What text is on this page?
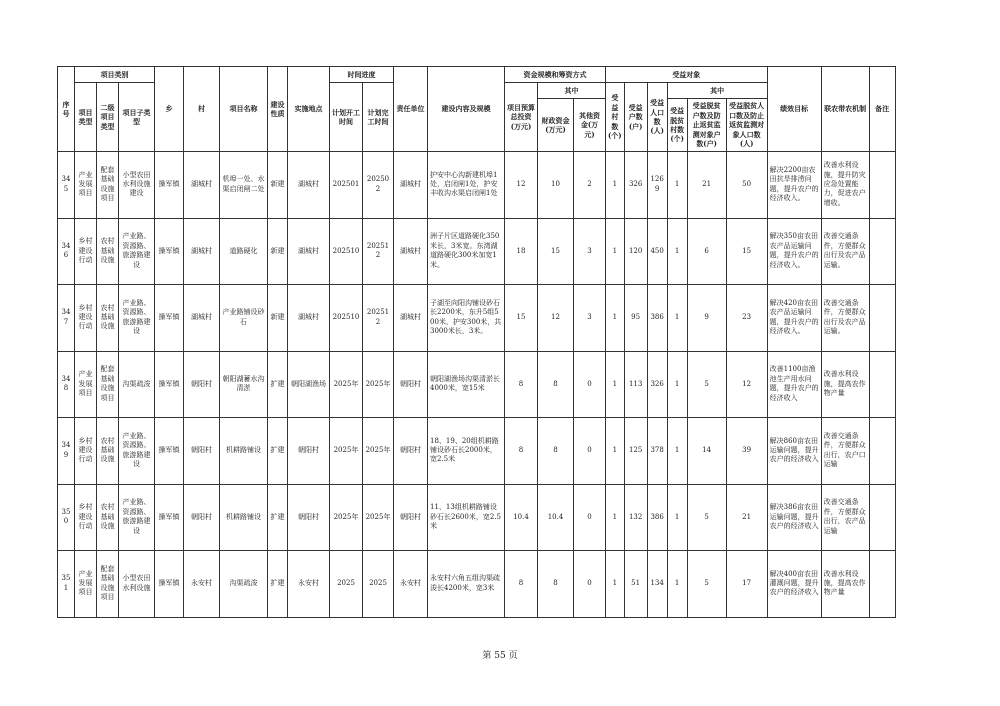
序号	项目类别			乡	村	项目名称	建设性质	实施地点	时间进度		责任单位	建设内容及规模	资金规模和筹资方式			受益对象						绩效目标	联农带农机制	备注
	项目类型	二级项目类型	项目子类型						计划开工时间	计划完工时间			项目预算总投资(万元)	其中		受益村数(个)	受益户数(户)	受益人口数(人)	其中					
														财政资金(万元)	其他资金(万元)				受益脱贫村数(个)	受益脱贫户数及防止返贫监测对象户数(户)	受益脱贫人口数及防止返贫监测对象人口数(人)			
345	产业发展项目	配套基础设施项目	小型农田水利设施建设	操军镇	湖城村	机埠一处、水渠启闭闸二处	新建	湖城村	202501	202502	湖城村	护安中心沟新建机埠1处，启闭闸1处，护安丰收沟水渠启闭闸1处	12	10	2	1	326	1269	1	21	50	解决2200亩农田抗旱排涝问题，提升农户的经济收入。	改善水利设施，提升防灾应急处置能力，促进农户增收。	
346	乡村建设行动	农村基础设施	产业路、资源路、旅游路建设	操军镇	湖城村	道路硬化	新建	湖城村	202510	202512	湖城村	洲子片区道路硬化350米长，3米宽。东湾湖道路硬化300米加宽1米。	18	15	3	1	120	450	1	6	15	解决350亩农田农产品运输问题，提升农户的经济收入。	改善交通条件，方便群众出行及农产品运输。	
347	乡村建设行动	农村基础设施	产业路、资源路、旅游路建设	操军镇	湖城村	产业路铺设砂石	新建	湖城村	202510	202512	湖城村	子湖至向阳沟铺设砂石长2200米，东升5组500米，护安300米，共3000米长，3米。	15	12	3	1	95	386	1	9	23	解决420亩农田农产品运输问题，提升农户的经济收入。	改善交通条件，方便群众出行及农产品运输。	
348	产业发展项目	配套基础设施项目	沟渠疏浚	操军镇	朝阳村	朝阳湖蓄水沟清淤	扩建	朝阳湖渔场	2025年	2025年	朝阳村	朝阳湖渔场沟渠清淤长4000米，宽15米	8	8	0	1	113	326	1	5	12	改善1100亩渔池生产用水问题，提升农户的经济收入	改善水利设施，提高农作物产量	
349	乡村建设行动	农村基础设施	产业路、资源路、旅游路建设	操军镇	朝阳村	机耕路铺设	扩建	朝阳村	2025年	2025年	朝阳村	18、19、20组机耕路铺设砂石长2000米，宽2.5米	8	8	0	1	125	378	1	14	39	解决860亩农田运输问题，提升农户的经济收入	改善交通条件，方便群众出行，农户口运输	
350	乡村建设行动	农村基础设施	产业路、资源路、旅游路建设	操军镇	朝阳村	机耕路铺设	扩建	朝阳村	2025年	2025年	朝阳村	11、13组机耕路铺设砂石长2600米，宽2.5米	10.4	10.4	0	1	132	386	1	5	21	解决386亩农田运输问题，提升 农户的经济收入	改善交通条件，方便群众出行，农产品运输	
351	产业发展项目	配套基础设施项目	小型农田水利设施	操军镇	永安村	沟渠疏浚	扩建	永安村	2025	2025	永安村	永安村六角五组沟渠疏浚长4200米，宽3米	8	8	0	1	51	134	1	5	17	解决400亩农田灌溉问题，提升农户的经济收入	改善水利设施，提高农作物产量	
第 55 页
